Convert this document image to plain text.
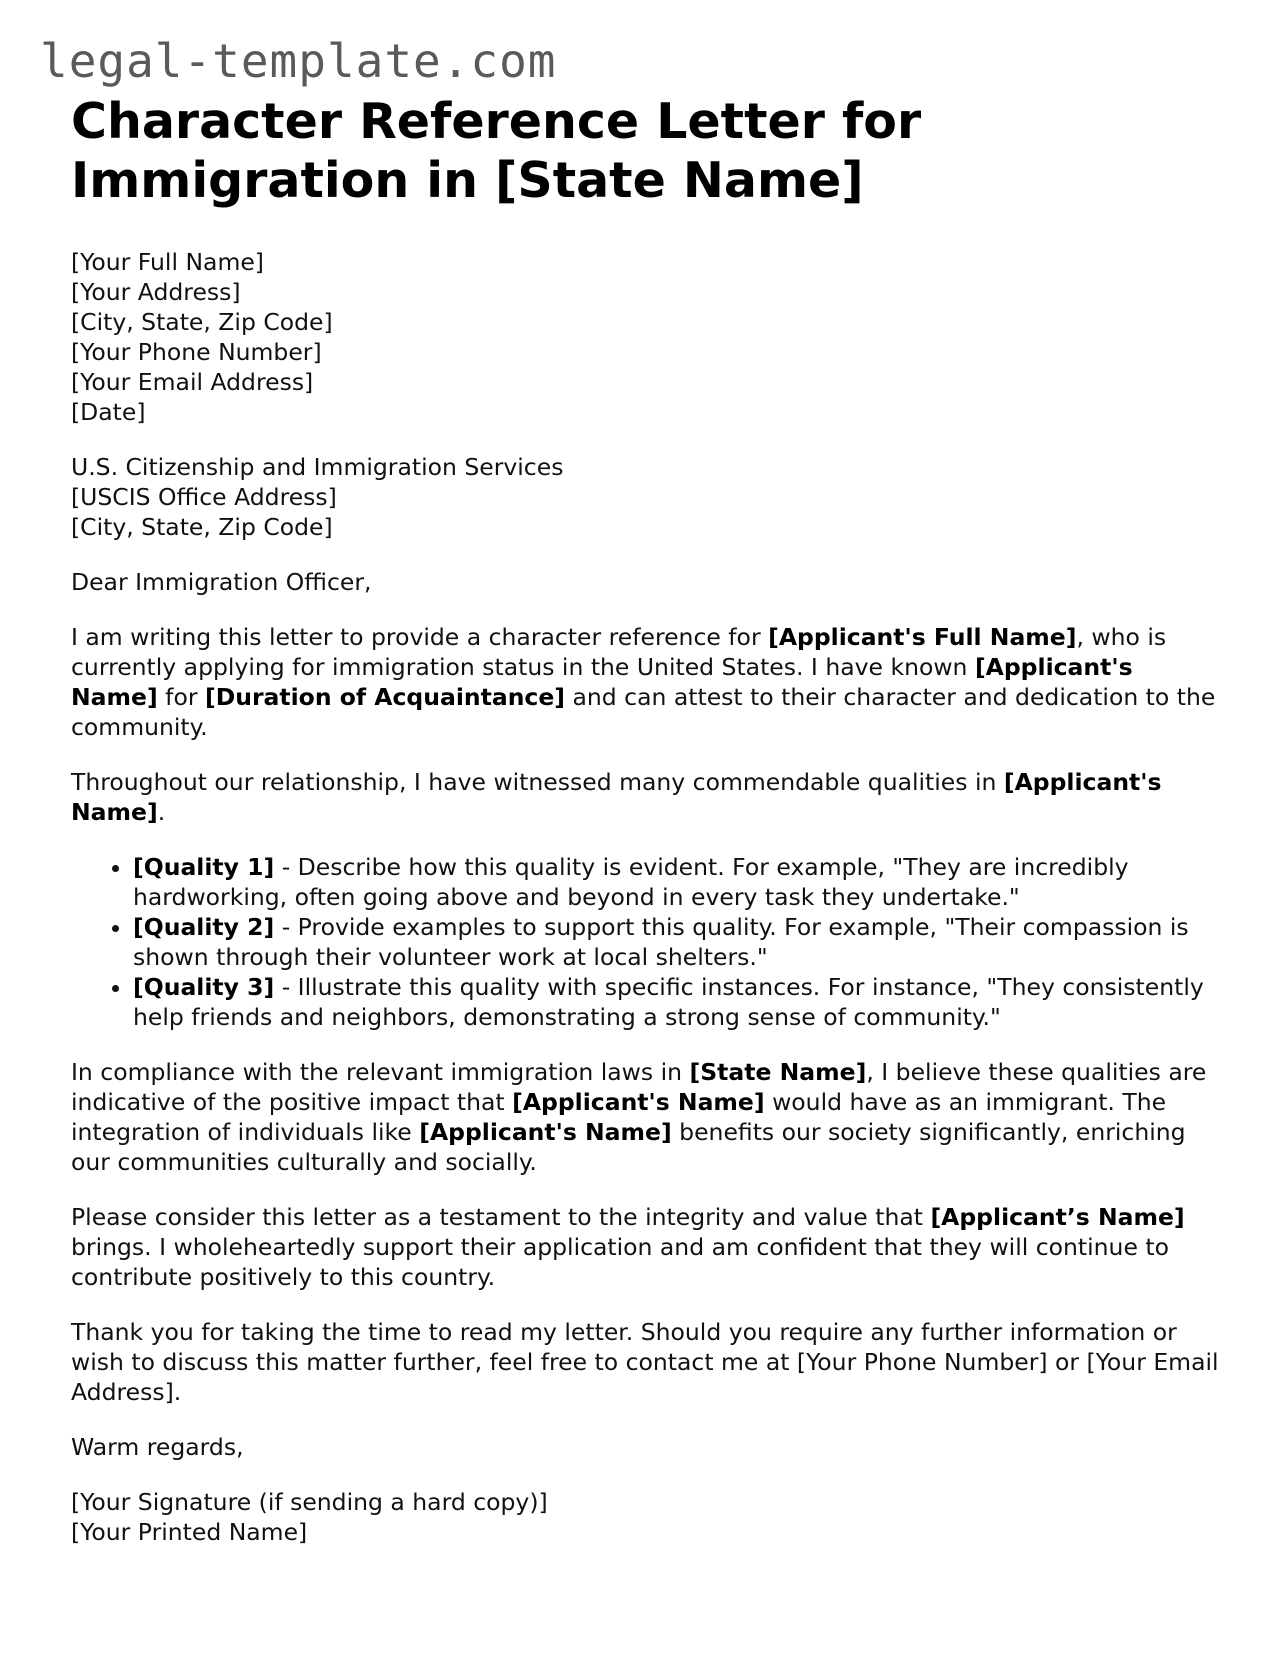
legal-template.com
Character Reference Letter for Immigration in [State Name]
[Your Full Name]
[Your Address]
[City, State, Zip Code]
[Your Phone Number]
[Your Email Address]
[Date]
U.S. Citizenship and Immigration Services
[USCIS Office Address]
[City, State, Zip Code]

Dear Immigration Officer,

I am writing this letter to provide a character reference for [Applicant's Full Name], who is currently applying for immigration status in the United States. I have known [Applicant's Name] for [Duration of Acquaintance] and can attest to their character and dedication to the community.

Throughout our relationship, I have witnessed many commendable qualities in [Applicant's Name].

• [Quality 1] - Describe how this quality is evident. For example, "They are incredibly hardworking, often going above and beyond in every task they undertake."
• [Quality 2] - Provide examples to support this quality. For example, "Their compassion is shown through their volunteer work at local shelters."
• [Quality 3] - Illustrate this quality with specific instances. For instance, "They consistently help friends and neighbors, demonstrating a strong sense of community."

In compliance with the relevant immigration laws in [State Name], I believe these qualities are indicative of the positive impact that [Applicant's Name] would have as an immigrant. The integration of individuals like [Applicant's Name] benefits our society significantly, enriching our communities culturally and socially.

Please consider this letter as a testament to the integrity and value that [Applicant’s Name] brings. I wholeheartedly support their application and am confident that they will continue to contribute positively to this country.

Thank you for taking the time to read my letter. Should you require any further information or wish to discuss this matter further, feel free to contact me at [Your Phone Number] or [Your Email Address].

Warm regards,

[Your Signature (if sending a hard copy)]
[Your Printed Name]
